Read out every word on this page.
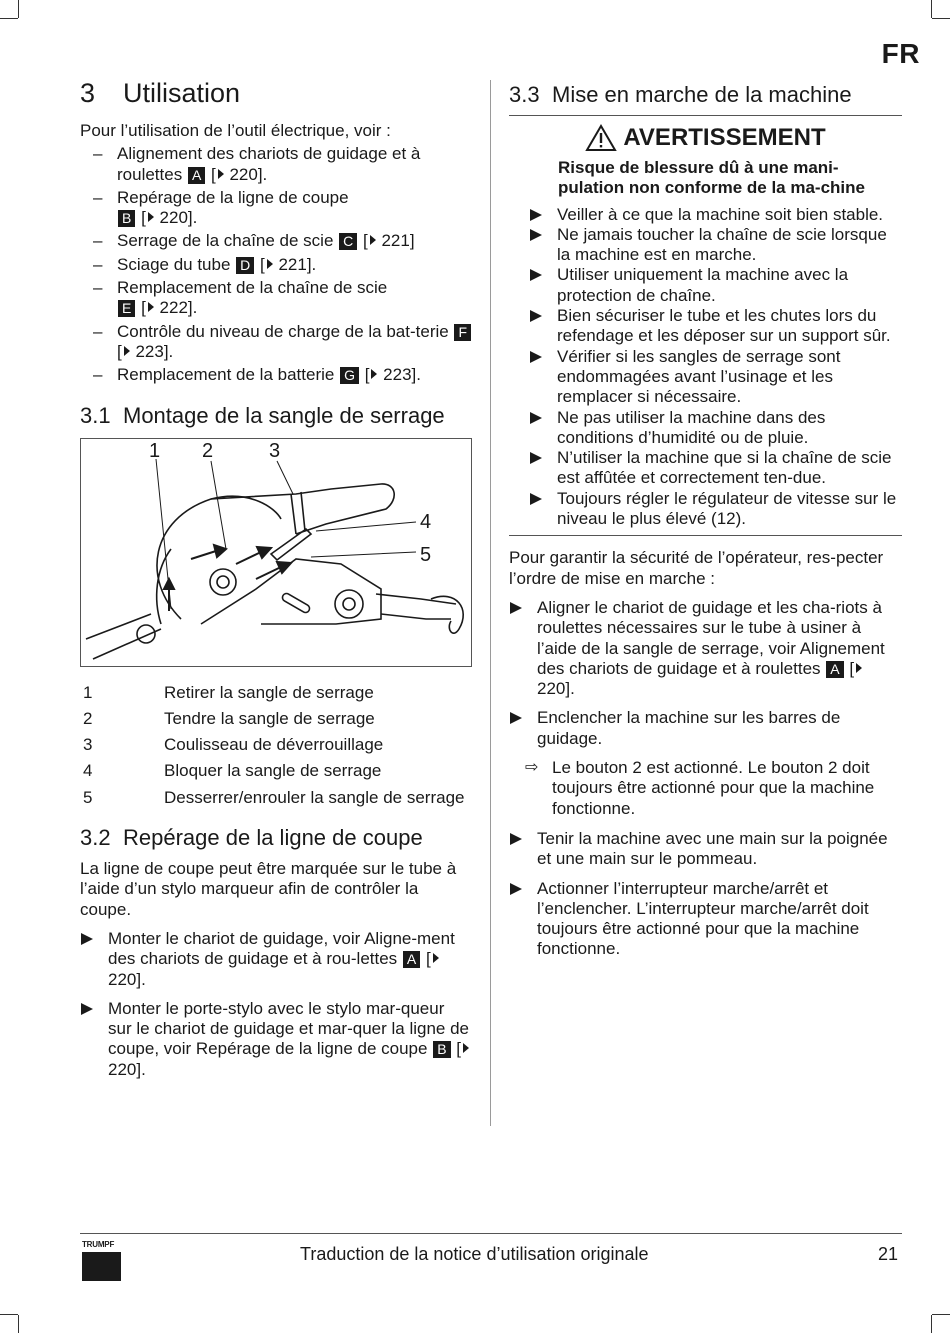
FR
3	Utilisation

Pour l’utilisation de l’outil électrique, voir :

– Alignement des chariots de guidage et à roulettes A [ 220].
– Repérage de la ligne de coupe
B [ 220].
– Serrage de la chaîne de scie C [ 221]
– Sciage du tube D [ 221].
– Remplacement de la chaîne de scie
E [ 222].
– Contrôle du niveau de charge de la bat-terie F [ 223].
– Remplacement de la batterie G [ 223].
3.1 Montage de la sangle de serrage
1 2	3
4
5
1	Retirer la sangle de serrage
2	Tendre la sangle de serrage
3	Coulisseau de déverrouillage
4	Bloquer la sangle de serrage
5	Desserrer/enrouler la sangle de serrage
3.2 Repérage de la ligne de coupe

La ligne de coupe peut être marquée sur le tube à l’aide d’un stylo marqueur afin de contrôler la coupe.

Monter le chariot de guidage, voir Aligne-ment des chariots de guidage et à rou-lettes A [ 220].
Monter le porte-stylo avec le stylo mar-queur sur le chariot de guidage et mar-quer la ligne de coupe, voir Repérage de la ligne de coupe B [ 220].
3.3 Mise en marche de la machine
AVERTISSEMENT
Risque de blessure dû à une mani-pulation non conforme de la ma-chine
Veiller à ce que la machine soit bien stable.
Ne jamais toucher la chaîne de scie lorsque la machine est en marche.
Utiliser uniquement la machine avec la protection de chaîne.
Bien sécuriser le tube et les chutes lors du refendage et les déposer sur un support sûr.
Vérifier si les sangles de serrage sont endommagées avant l’usinage et les remplacer si nécessaire.
Ne pas utiliser la machine dans des conditions d’humidité ou de pluie.
N’utiliser la machine que si la chaîne de scie est affûtée et correctement ten-due.
Toujours régler le régulateur de vitesse sur le niveau le plus élevé (12).

Pour garantir la sécurité de l’opérateur, res-pecter l’ordre de mise en marche :

Aligner le chariot de guidage et les cha-riots à roulettes nécessaires sur le tube à usiner à l’aide de la sangle de serrage, voir Alignement des chariots de guidage et à roulettes A [ 220].
Enclencher la machine sur les barres de guidage.
⇨ Le bouton 2 est actionné. Le bouton 2 doit toujours être actionné pour que la machine fonctionne.
Tenir la machine avec une main sur la poignée et une main sur le pommeau.
Actionner l’interrupteur marche/arrêt et l’enclencher. L’interrupteur marche/arrêt doit toujours être actionné pour que la machine fonctionne.
TRUMPF	Traduction de la notice d’utilisation originale	21
